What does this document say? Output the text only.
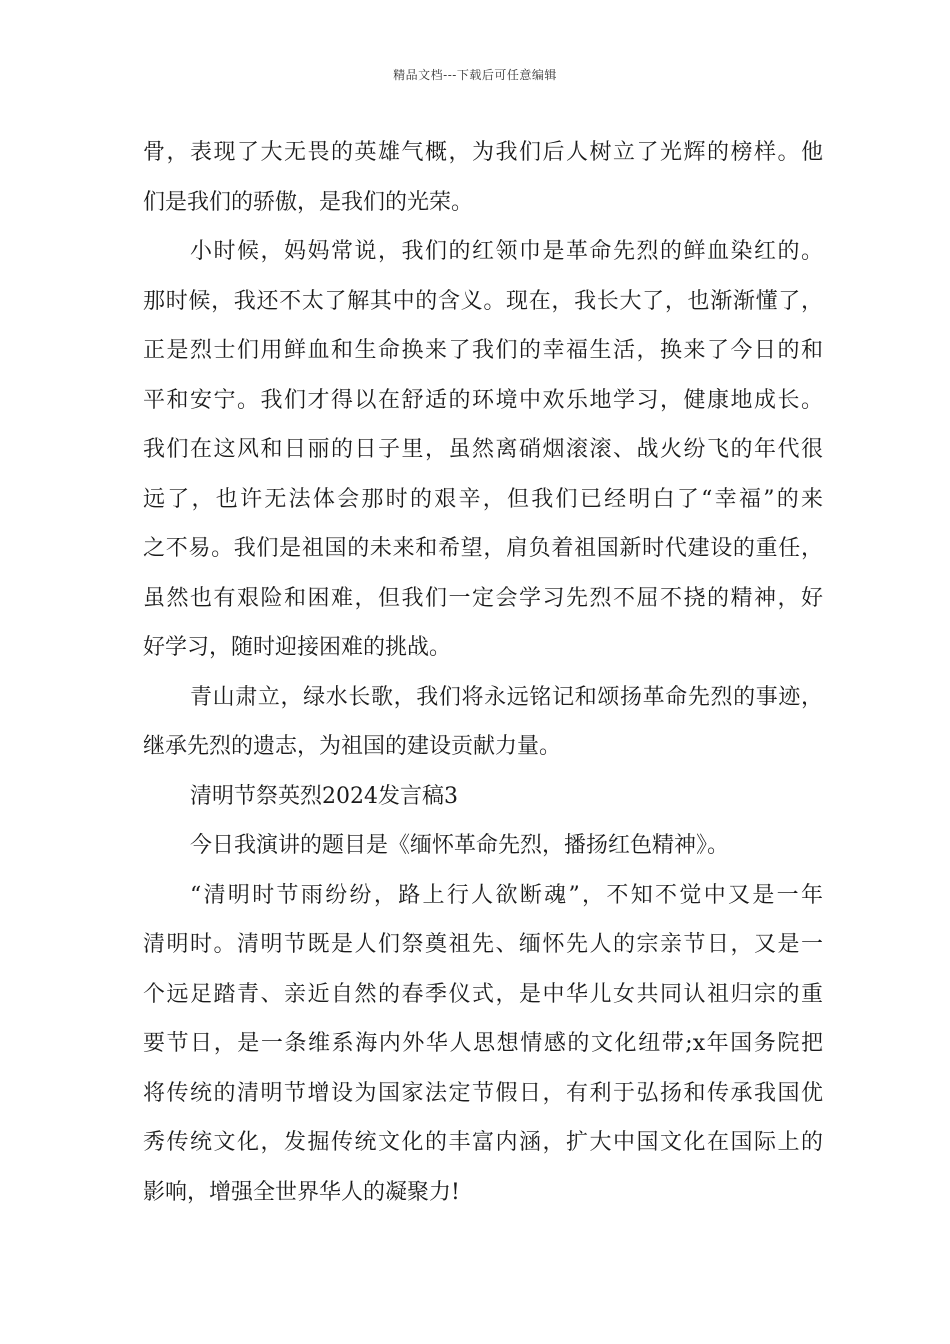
精品文档---下载后可任意编辑
骨，表现了大无畏的英雄气概，为我们后人树立了光辉的榜样。他
们是我们的骄傲，是我们的光荣。
小时候，妈妈常说，我们的红领巾是革命先烈的鲜血染红的。
那时候，我还不太了解其中的含义。现在，我长大了，也渐渐懂了，
正是烈士们用鲜血和生命换来了我们的幸福生活，换来了今日的和
平和安宁。我们才得以在舒适的环境中欢乐地学习，健康地成长。
我们在这风和日丽的日子里，虽然离硝烟滚滚、战火纷飞的年代很
远了，也许无法体会那时的艰辛，但我们已经明白了“幸福”的来
之不易。我们是祖国的未来和希望，肩负着祖国新时代建设的重任，
虽然也有艰险和困难，但我们一定会学习先烈不屈不挠的精神，好
好学习，随时迎接困难的挑战。
青山肃立，绿水长歌，我们将永远铭记和颂扬革命先烈的事迹，
继承先烈的遗志，为祖国的建设贡献力量。
清明节祭英烈2024发言稿3
今日我演讲的题目是《缅怀革命先烈，播扬红色精神》。
“清明时节雨纷纷，路上行人欲断魂”，不知不觉中又是一年
清明时。清明节既是人们祭奠祖先、缅怀先人的宗亲节日，又是一
个远足踏青、亲近自然的春季仪式，是中华儿女共同认祖归宗的重
要节日，是一条维系海内外华人思想情感的文化纽带;x年国务院把
将传统的清明节增设为国家法定节假日，有利于弘扬和传承我国优
秀传统文化，发掘传统文化的丰富内涵，扩大中国文化在国际上的
影响，增强全世界华人的凝聚力!
